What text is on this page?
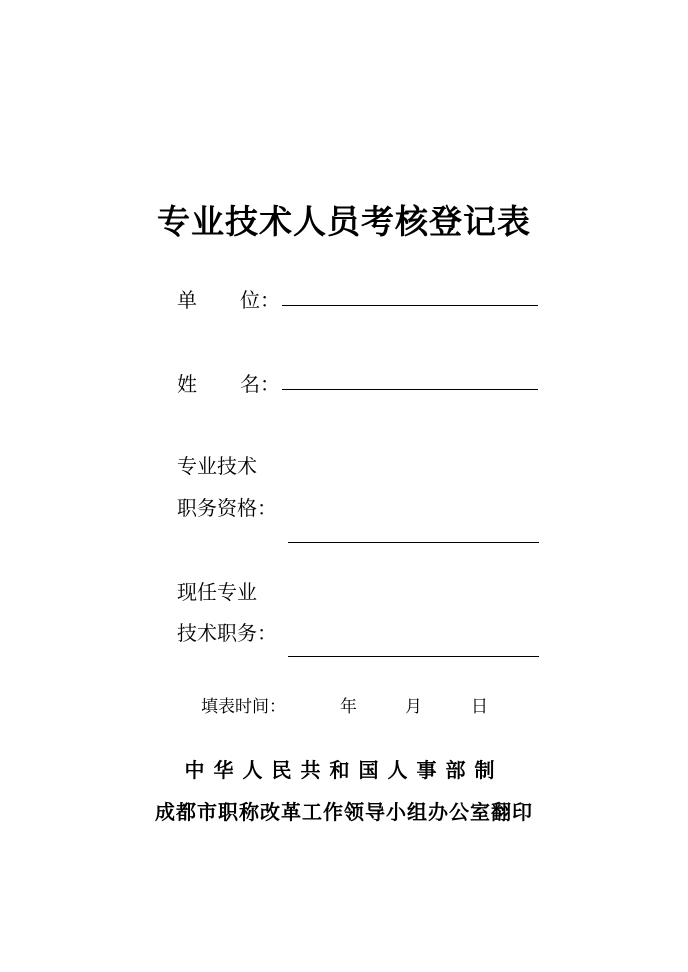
专业技术人员考核登记表
单 位：
姓 名：
专业技术
职务资格：
现任专业
技术职务：
填表时间：	年	月	日
中华人民共和国人事部制
成都市职称改革工作领导小组办公室翻印
